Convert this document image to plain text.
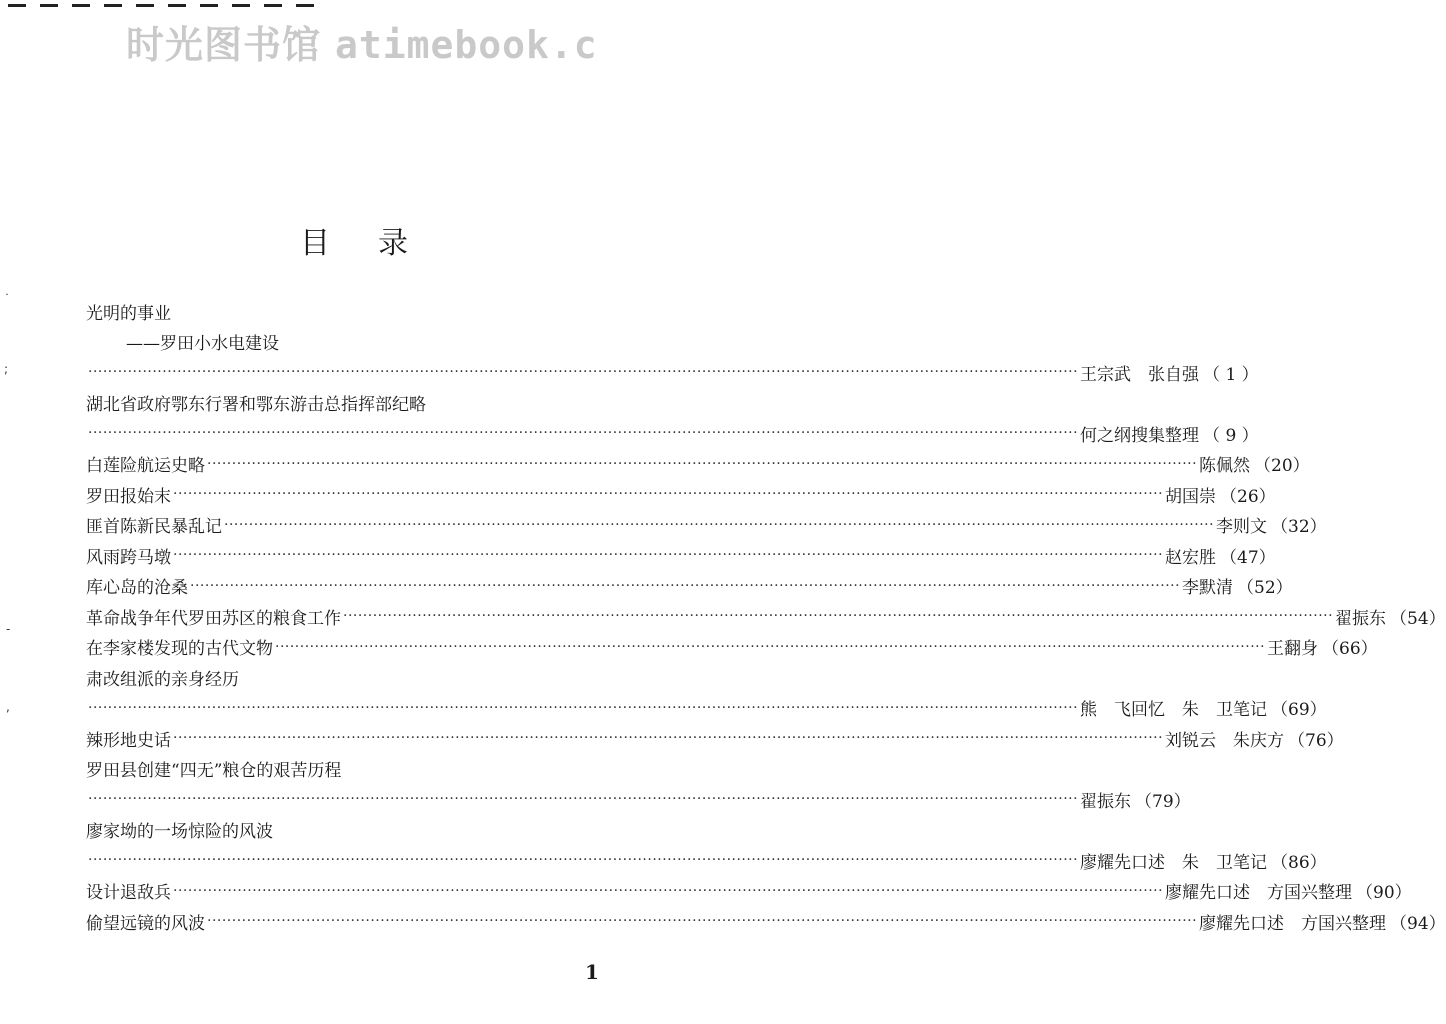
时光图书馆 atimebook.c
目录
˙
;
-
,
光明的事业
——罗田小水电建设
········································································································································································································ 王宗武　张自强 （ 1 ）
湖北省政府鄂东行署和鄂东游击总指挥部纪略
········································································································································································································ 何之纲搜集整理 （ 9 ）
白莲险航运史略 ········································································································································································································ 陈佩然 （20）
罗田报始末 ········································································································································································································ 胡国崇 （26）
匪首陈新民暴乱记 ········································································································································································································ 李则文 （32）
风雨跨马墩 ········································································································································································································ 赵宏胜 （47）
库心岛的沧桑 ········································································································································································································ 李默清 （52）
革命战争年代罗田苏区的粮食工作 ········································································································································································································ 翟振东 （54）
在李家楼发现的古代文物 ········································································································································································································ 王翻身 （66）
肃改组派的亲身经历
········································································································································································································ 熊　飞回忆　朱　卫笔记 （69）
辣形地史话 ········································································································································································································ 刘锐云　朱庆方 （76）
罗田县创建“四无”粮仓的艰苦历程
········································································································································································································ 翟振东 （79）
廖家坳的一场惊险的风波
········································································································································································································ 廖耀先口述　朱　卫笔记 （86）
设计退敌兵 ········································································································································································································ 廖耀先口述　方国兴整理 （90）
偷望远镜的风波 ········································································································································································································ 廖耀先口述　方国兴整理 （94）
1
